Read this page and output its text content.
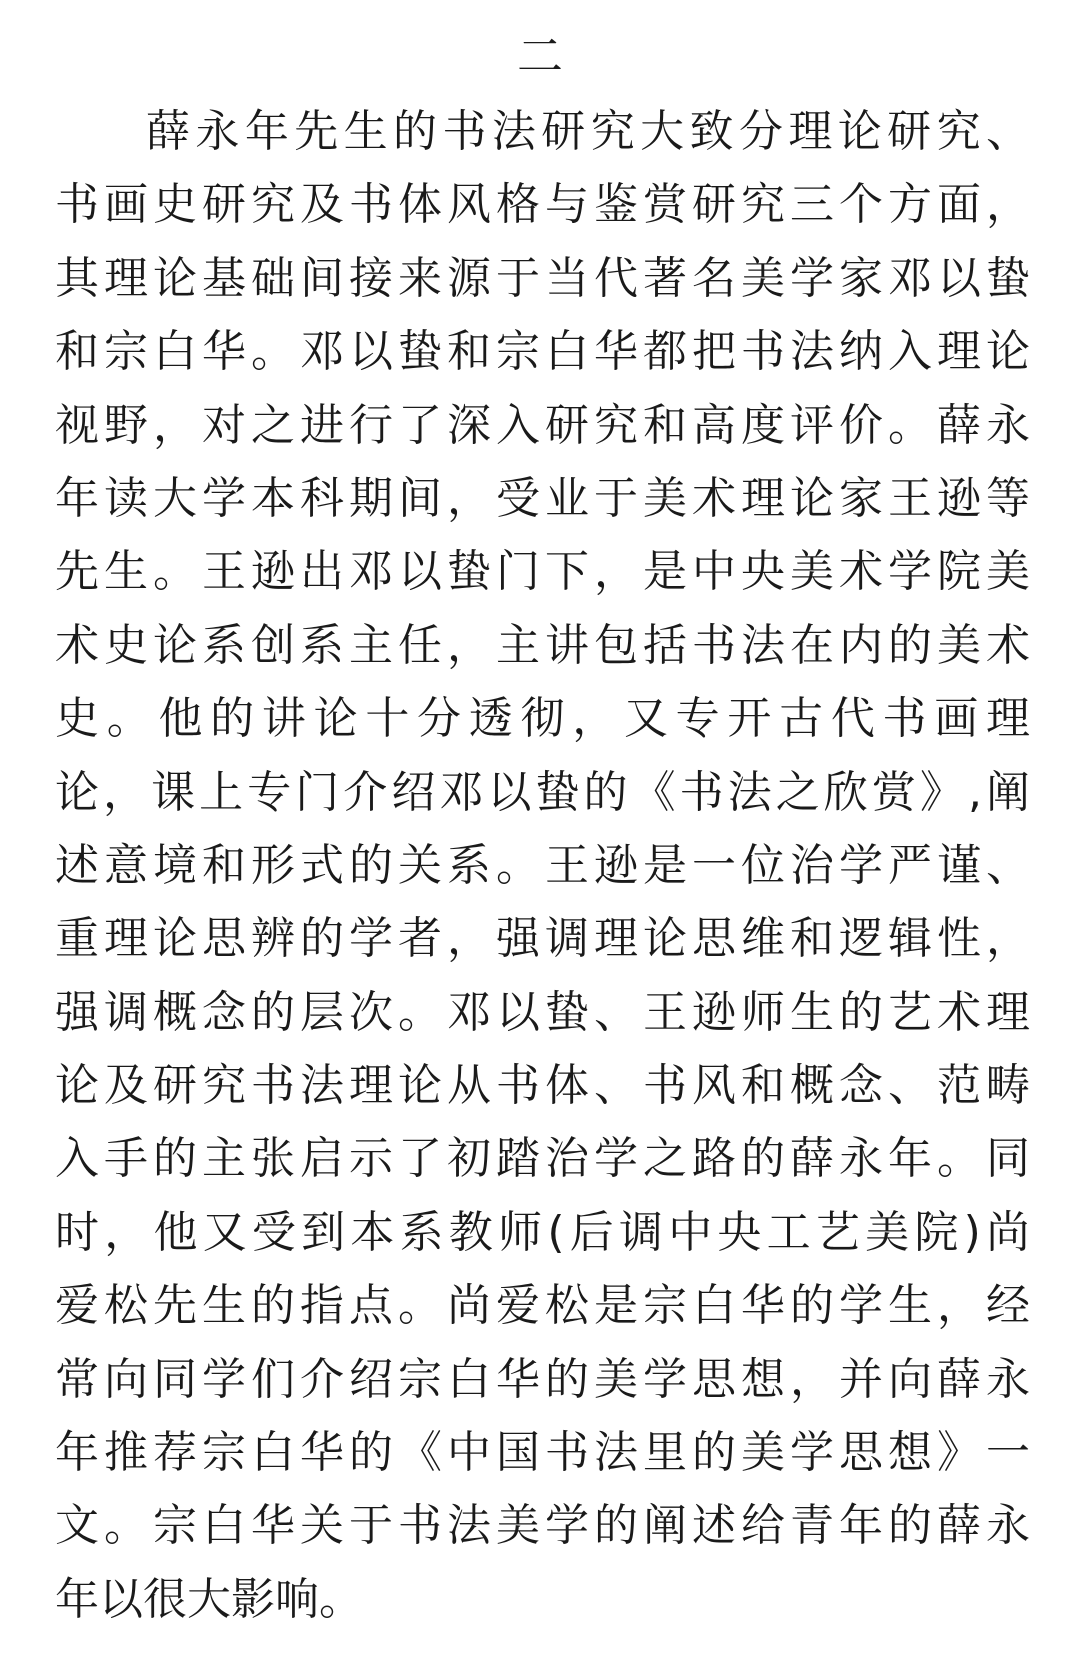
二
薛永年先生的书法研究大致分理论研究、
书画史研究及书体风格与鉴赏研究三个方面，
其理论基础间接来源于当代著名美学家邓以蛰
和宗白华。邓以蛰和宗白华都把书法纳入理论
视野，对之进行了深入研究和高度评价。薛永
年读大学本科期间，受业于美术理论家王逊等
先生。王逊出邓以蛰门下，是中央美术学院美
术史论系创系主任，主讲包括书法在内的美术
史。他的讲论十分透彻，又专开古代书画理
论，课上专门介绍邓以蛰的《书法之欣赏》,阐
述意境和形式的关系。王逊是一位治学严谨、
重理论思辨的学者，强调理论思维和逻辑性，
强调概念的层次。邓以蛰、王逊师生的艺术理
论及研究书法理论从书体、书风和概念、范畴
入手的主张启示了初踏治学之路的薛永年。同
时，他又受到本系教师(后调中央工艺美院)尚
爱松先生的指点。尚爱松是宗白华的学生，经
常向同学们介绍宗白华的美学思想，并向薛永
年推荐宗白华的《中国书法里的美学思想》一
文。宗白华关于书法美学的阐述给青年的薛永
年以很大影响。
